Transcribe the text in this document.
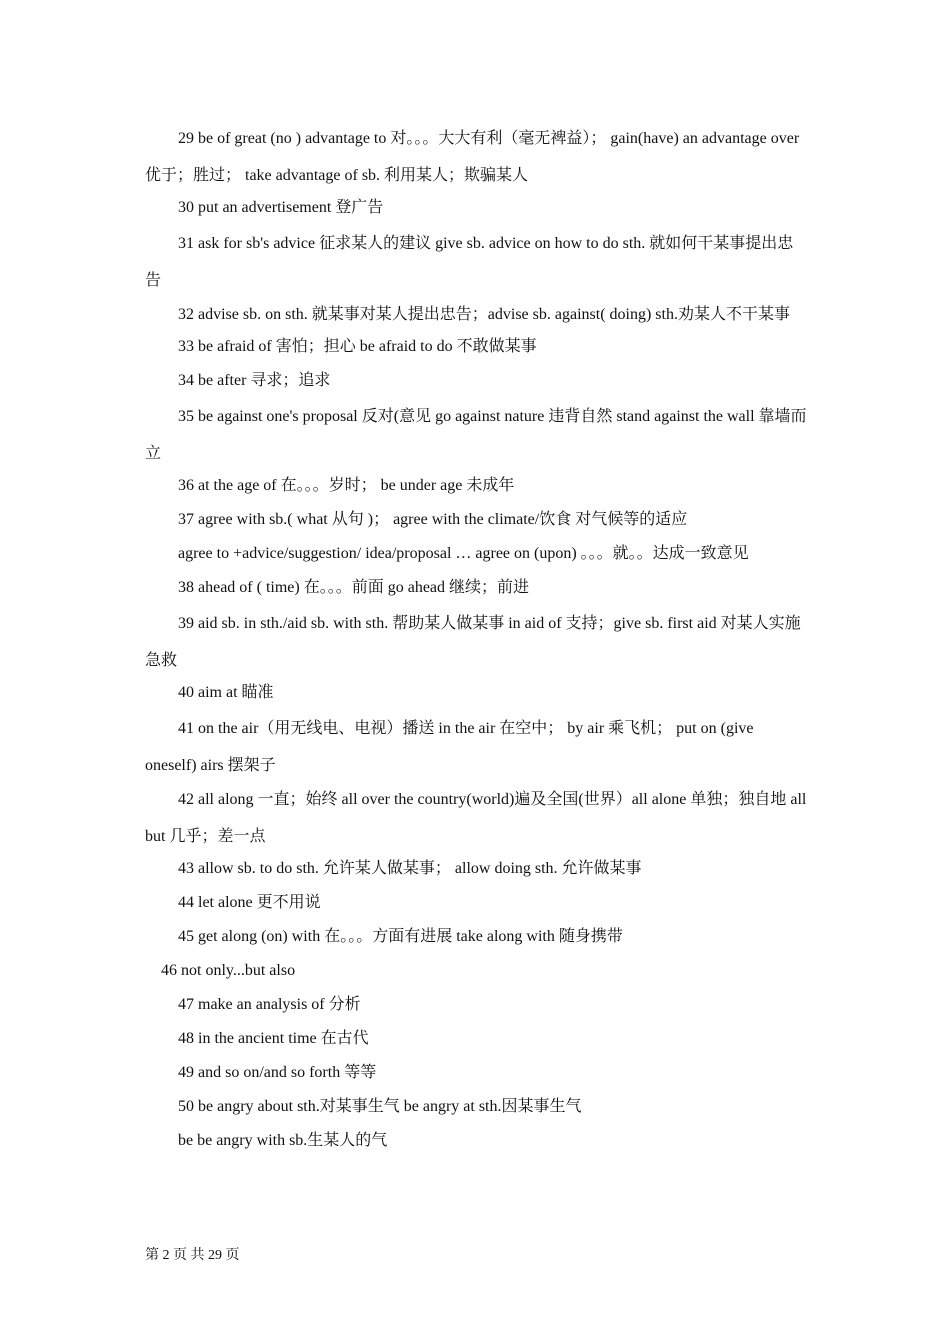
29 be of great (no ) advantage to 对。。。大大有利（毫无裨益）； gain(have) an advantage over 优于；胜过； take advantage of sb. 利用某人；欺骗某人

30 put an advertisement 登广告

31 ask for sb's advice 征求某人的建议 give sb. advice on how to do sth. 就如何干某事提出忠告

32 advise sb. on sth. 就某事对某人提出忠告；advise sb. against( doing) sth.劝某人不干某事

33 be afraid of 害怕；担心 be afraid to do 不敢做某事

34 be after 寻求；追求

35 be against one's proposal 反对(意见 go against nature 违背自然 stand against the wall 靠墙而立

36 at the age of 在。。。岁时； be under age 未成年

37 agree with sb.( what 从句 )； agree with the climate/饮食 对气候等的适应

agree to +advice/suggestion/ idea/proposal … agree on (upon) 。。。就。。达成一致意见

38 ahead of ( time) 在。。。前面 go ahead 继续；前进

39 aid sb. in sth./aid sb. with sth. 帮助某人做某事 in aid of 支持；give sb. first aid 对某人实施急救

40 aim at 瞄准

41 on the air（用无线电、电视）播送 in the air 在空中； by air 乘飞机； put on (give oneself) airs 摆架子

42 all along 一直；始终 all over the country(world)遍及全国(世界）all alone 单独；独自地 all but 几乎；差一点

43 allow sb. to do sth. 允许某人做某事； allow doing sth. 允许做某事

44 let alone 更不用说

45 get along (on) with 在。。。方面有进展 take along with 随身携带

46 not only...but also

47 make an analysis of 分析

48 in the ancient time 在古代

49 and so on/and so forth 等等

50 be angry about sth.对某事生气 be angry at sth.因某事生气

be be angry with sb.生某人的气

第 2 页 共 29 页
